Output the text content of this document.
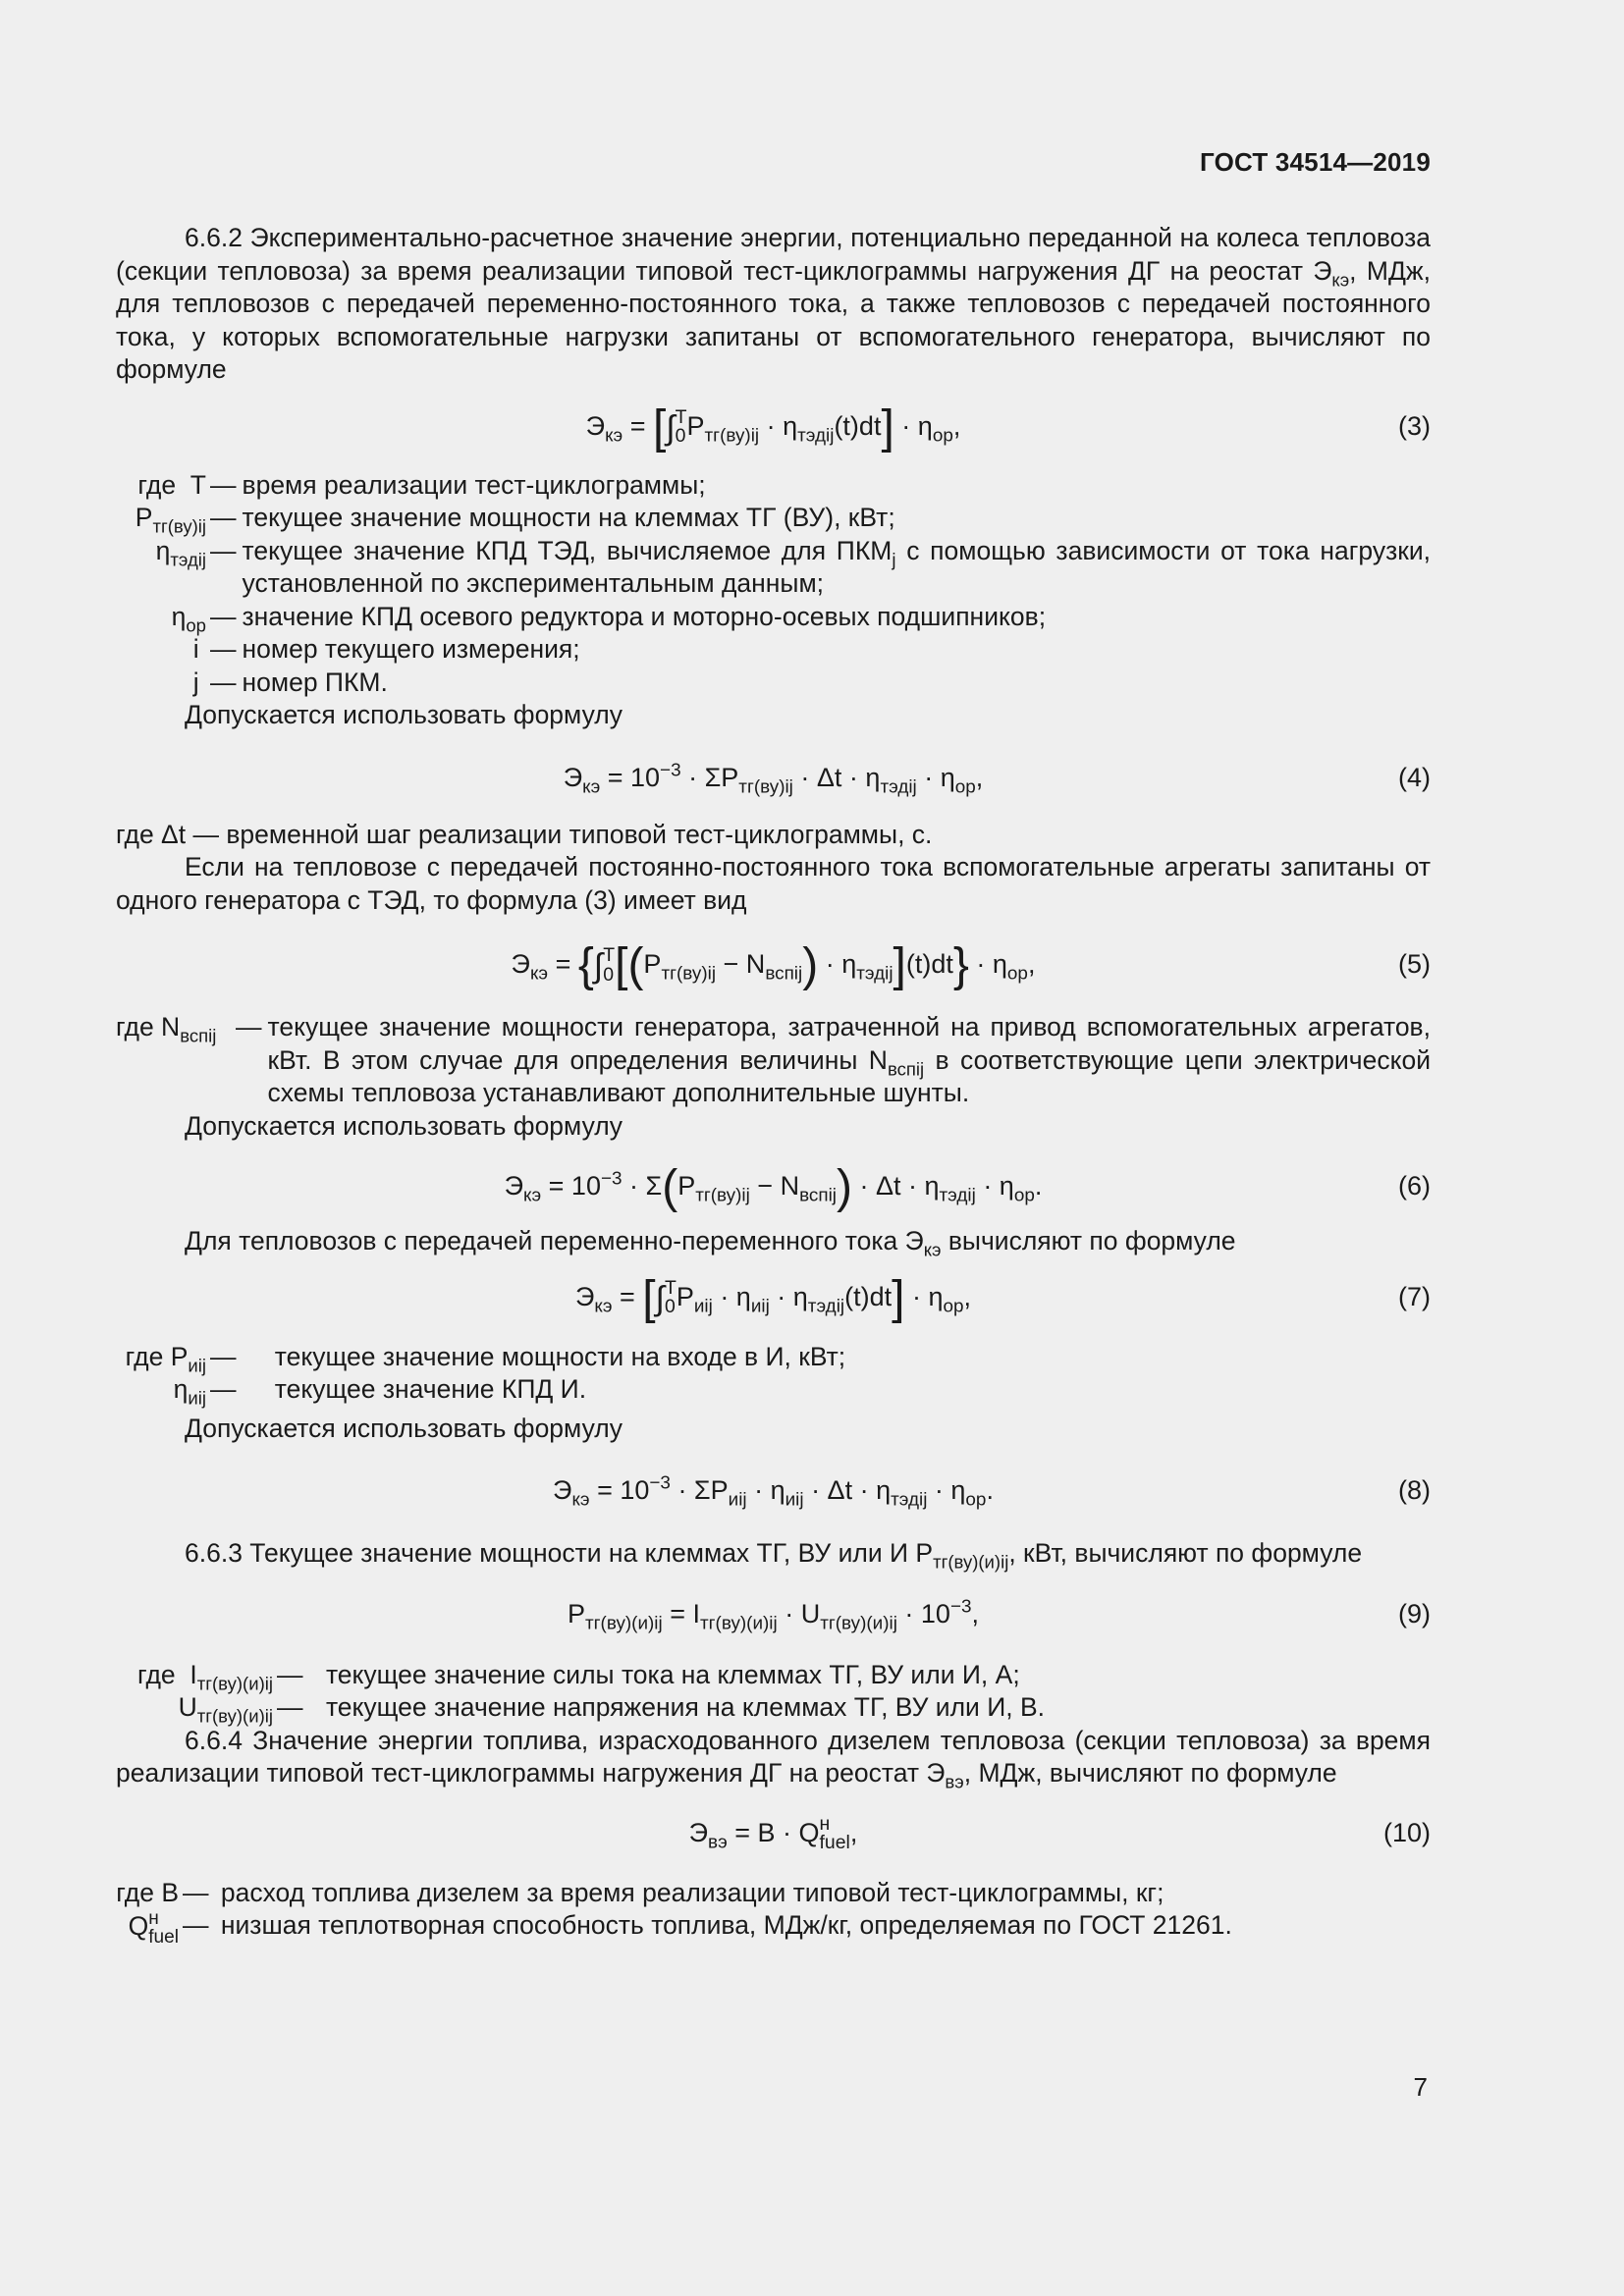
ГОСТ 34514—2019

6.6.2 Экспериментально-расчетное значение энергии, потенциально переданной на колеса тепловоза (секции тепловоза) за время реализации типовой тест-циклограммы нагружения ДГ на реостат $Э_{кэ}$, МДж, для тепловозов с передачей переменно-постоянного тока, а также тепловозов с передачей постоянного тока, у которых вспомогательные нагрузки запитаны от вспомогательного генератора, вычисляют по формуле

$Э_{кэ}$ = [∫ T
0 $Р_{тг(ву)ij} \cdot \eta_{тэдij}(t)dt] \cdot \eta_{ор}$,	(3)
где  T	—	время реализации тест-циклограммы;
$Р_{тг(ву)ij}$	—	текущее значение мощности на клеммах ТГ (ВУ), кВт;
$\eta_{тэдij}$	—	текущее значение КПД ТЭД, вычисляемое для $ПКМ_j$ с помощью зависимости от тока нагрузки, установленной по экспериментальным данным;
$\eta_{ор}$	—	значение КПД осевого редуктора и моторно-осевых подшипников;
i	—	номер текущего измерения;
j	—	номер ПКМ.

Допускается использовать формулу

$Э_{кэ} = 10^{-3} \cdot \Sigma Р_{тг(ву)ij} \cdot \Delta t \cdot \eta_{тэдij} \cdot \eta_{ор}$,	(4)

где Δt — временной шаг реализации типовой тест-циклограммы, с.

Если на тепловозе с передачей постоянно-постоянного тока вспомогательные агрегаты запитаны от одного генератора с ТЭД, то формула (3) имеет вид

$Э_{кэ}$ = {∫ T
0 $[(Р_{тг(ву)ij} - N_{вспij}) \cdot \eta_{тэдij}](t)dt\} \cdot \eta_{ор}$,	(5)
где $N_{вспij}$	—	текущее значение мощности генератора, затраченной на привод вспомогательных агрегатов, кВт. В этом случае для определения величины $N_{вспij}$ в соответствующие цепи электрической схемы тепловоза устанавливают дополнительные шунты.

Допускается использовать формулу

$Э_{кэ} = 10^{-3} \cdot \Sigma(Р_{тг(ву)ij} - N_{вспij}) \cdot \Delta t \cdot \eta_{тэдij} \cdot \eta_{ор}$.	(6)

Для тепловозов с передачей переменно-переменного тока $Э_{кэ}$ вычисляют по формуле

$Э_{кэ}$ = [∫ T
0 $Р_{иij} \cdot \eta_{иij} \cdot \eta_{тэдij}(t)dt] \cdot \eta_{ор}$,	(7)
где $Р_{иij}$	—	текущее значение мощности на входе в И, кВт;
$\eta_{иij}$	—	текущее значение КПД И.

Допускается использовать формулу

$Э_{кэ} = 10^{-3} \cdot \Sigma Р_{иij} \cdot \eta_{иij} \cdot \Delta t \cdot \eta_{тэдij} \cdot \eta_{ор}$.	(8)

6.6.3 Текущее значение мощности на клеммах ТГ, ВУ или И $Р_{тг(ву)(и)ij}$, кВт, вычисляют по формуле

$Р_{тг(ву)(и)ij} = I_{тг(ву)(и)ij} \cdot U_{тг(ву)(и)ij} \cdot 10^{-3}$,	(9)
где  $I_{тг(ву)(и)ij}$	—	текущее значение силы тока на клеммах ТГ, ВУ или И, А;
$U_{тг(ву)(и)ij}$	—	текущее значение напряжения на клеммах ТГ, ВУ или И, В.

6.6.4 Значение энергии топлива, израсходованного дизелем тепловоза (секции тепловоза) за время реализации типовой тест-циклограммы нагружения ДГ на реостат $Э_{вэ}$, МДж, вычисляют по формуле

$Э_{вэ} = В \cdot Q$ н
fuel ,	(10)
где В	—	расход топлива дизелем за время реализации типовой тест-циклограммы, кг;
Q н
fuel	—	низшая теплотворная способность топлива, МДж/кг, определяемая по ГОСТ 21261.
7
